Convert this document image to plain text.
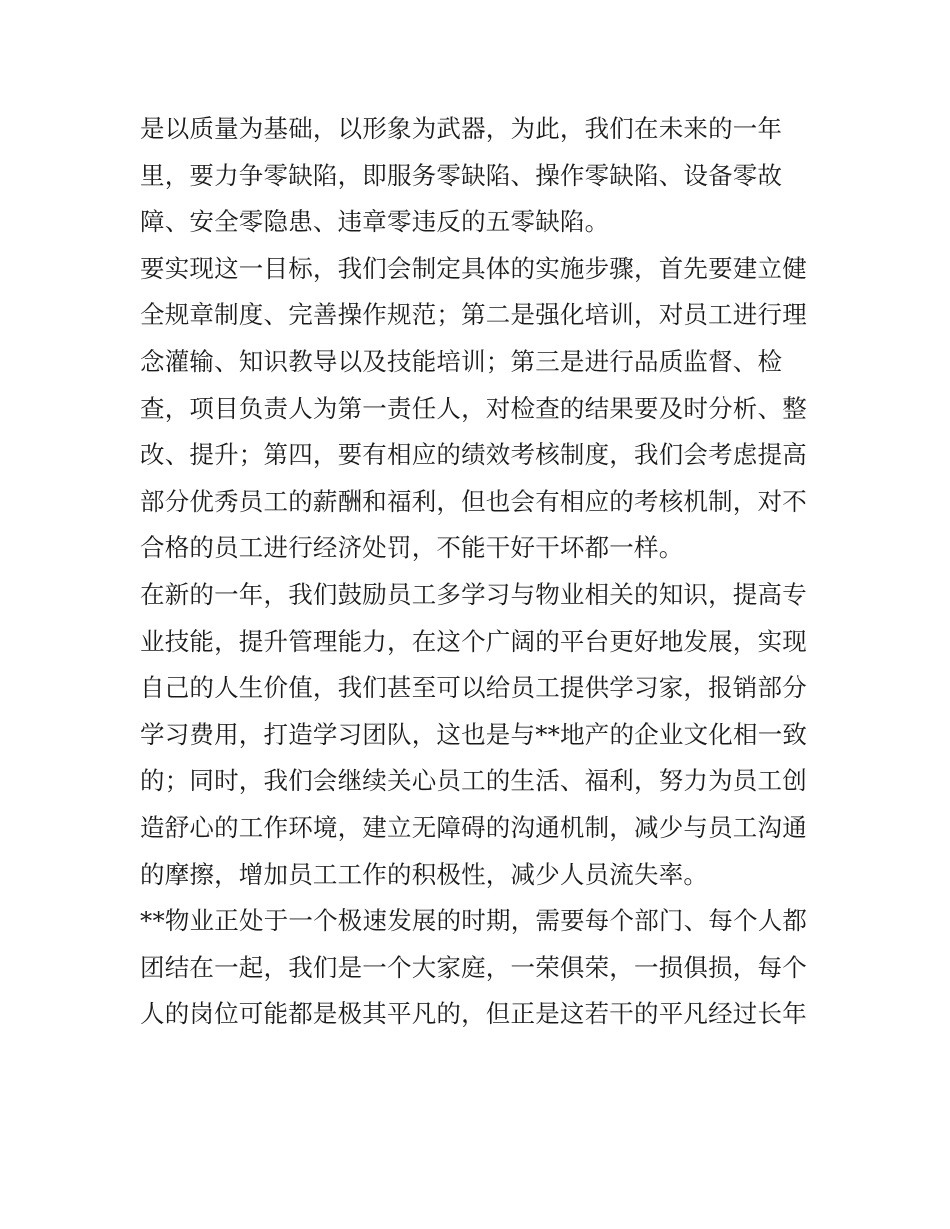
是以质量为基础，以形象为武器，为此，我们在未来的一年
里，要力争零缺陷，即服务零缺陷、操作零缺陷、设备零故
障、安全零隐患、违章零违反的五零缺陷。
要实现这一目标，我们会制定具体的实施步骤，首先要建立健
全规章制度、完善操作规范；第二是强化培训，对员工进行理
念灌输、知识教导以及技能培训；第三是进行品质监督、检
查，项目负责人为第一责任人，对检查的结果要及时分析、整
改、提升；第四，要有相应的绩效考核制度，我们会考虑提高
部分优秀员工的薪酬和福利，但也会有相应的考核机制，对不
合格的员工进行经济处罚，不能干好干坏都一样。
在新的一年，我们鼓励员工多学习与物业相关的知识，提高专
业技能，提升管理能力，在这个广阔的平台更好地发展，实现
自己的人生价值，我们甚至可以给员工提供学习家，报销部分
学习费用，打造学习团队，这也是与**地产的企业文化相一致
的；同时，我们会继续关心员工的生活、福利，努力为员工创
造舒心的工作环境，建立无障碍的沟通机制，减少与员工沟通
的摩擦，增加员工工作的积极性，减少人员流失率。
**物业正处于一个极速发展的时期，需要每个部门、每个人都
团结在一起，我们是一个大家庭，一荣俱荣，一损俱损，每个
人的岗位可能都是极其平凡的，但正是这若干的平凡经过长年
